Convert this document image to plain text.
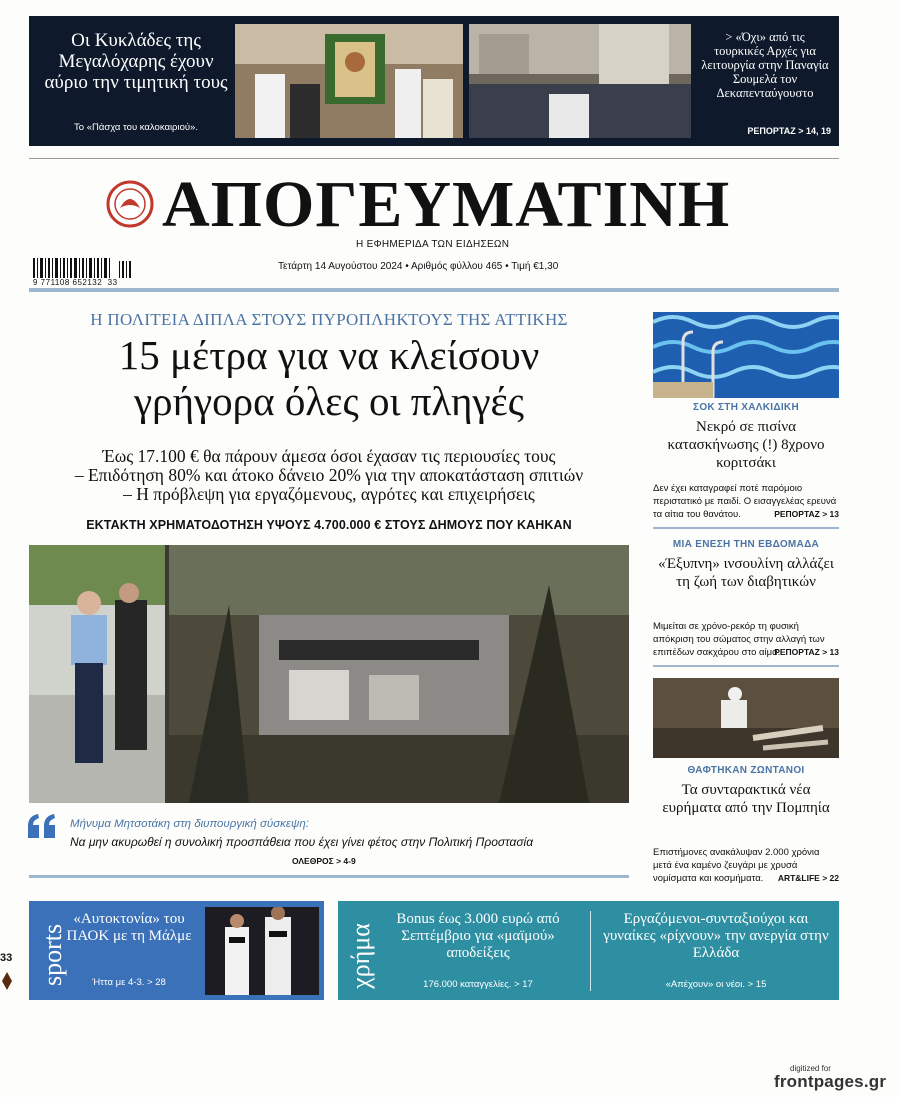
Οι Κυκλάδες της Μεγαλόχαρης έχουν αύριο την τιμητική τους
Το «Πάσχα του καλοκαιριού».
> «Όχι» από τις τουρκικές Αρχές για λειτουργία στην Παναγία Σουμελά τον Δεκαπενταύγουστο
ΡΕΠΟΡΤΑΖ > 14, 19
ΑΠΟΓΕΥΜΑΤΙΝΗ
Η ΕΦΗΜΕΡΙΔΑ ΤΩΝ ΕΙΔΗΣΕΩΝ
9 771108 652132 33
Τετάρτη 14 Αυγούστου 2024 • Αριθμός φύλλου 465 • Τιμή €1,30
Η ΠΟΛΙΤΕΙΑ ΔΙΠΛΑ ΣΤΟΥΣ ΠΥΡΟΠΛΗΚΤΟΥΣ ΤΗΣ ΑΤΤΙΚΗΣ
15 μέτρα για να κλείσουν
γρήγορα όλες οι πληγές
Έως 17.100 € θα πάρουν άμεσα όσοι έχασαν τις περιουσίες τους
– Επιδότηση 80% και άτοκο δάνειο 20% για την αποκατάσταση σπιτιών
– Η πρόβλεψη για εργαζόμενους, αγρότες και επιχειρήσεις
ΕΚΤΑΚΤΗ ΧΡΗΜΑΤΟΔΟΤΗΣΗ ΥΨΟΥΣ 4.700.000 € ΣΤΟΥΣ ΔΗΜΟΥΣ ΠΟΥ ΚΑΗΚΑΝ
Μήνυμα Μητσοτάκη στη διυπουργική σύσκεψη:
Να μην ακυρωθεί η συνολική προσπάθεια που έχει γίνει φέτος στην Πολιτική Προστασία
ΟΛΕΘΡΟΣ > 4-9
ΣΟΚ ΣΤΗ ΧΑΛΚΙΔΙΚΗ
Νεκρό σε πισίνα κατασκήνωσης (!) 8χρονο κοριτσάκι
Δεν έχει καταγραφεί ποτέ παρόμοιο περιστατικό με παιδί. Ο εισαγγελέας ερευνά τα αίτια του θανάτου.	ΡΕΠΟΡΤΑΖ > 13
ΜΙΑ ΕΝΕΣΗ ΤΗΝ ΕΒΔΟΜΑΔΑ
«Έξυπνη» ινσουλίνη αλλάζει τη ζωή των διαβητικών
Μιμείται σε χρόνο-ρεκόρ τη φυσική απόκριση του σώματος στην αλλαγή των επιπέδων σακχάρου στο αίμα.
ΡΕΠΟΡΤΑΖ > 13
ΘΑΦΤΗΚΑΝ ΖΩΝΤΑΝΟΙ
Τα συνταρακτικά νέα ευρήματα από την Πομπηία
Επιστήμονες ανακάλυψαν 2.000 χρόνια μετά ένα καμένο ζευγάρι με χρυσά νομίσματα και κοσμήματα.	ART&LIFE > 22
sports
«Αυτοκτονία» του ΠΑΟΚ με τη Μάλμε
Ήττα με 4-3. > 28	χρήμα
Bonus έως 3.000 ευρώ από Σεπτέμβριο για «μαϊμού» αποδείξεις
176.000 καταγγελίες. > 17
Εργαζόμενοι-συνταξιούχοι και γυναίκες «ρίχνουν» την ανεργία στην Ελλάδα
«Απέχουν» οι νέοι. > 15
33
digitized for
frontpages.gr
